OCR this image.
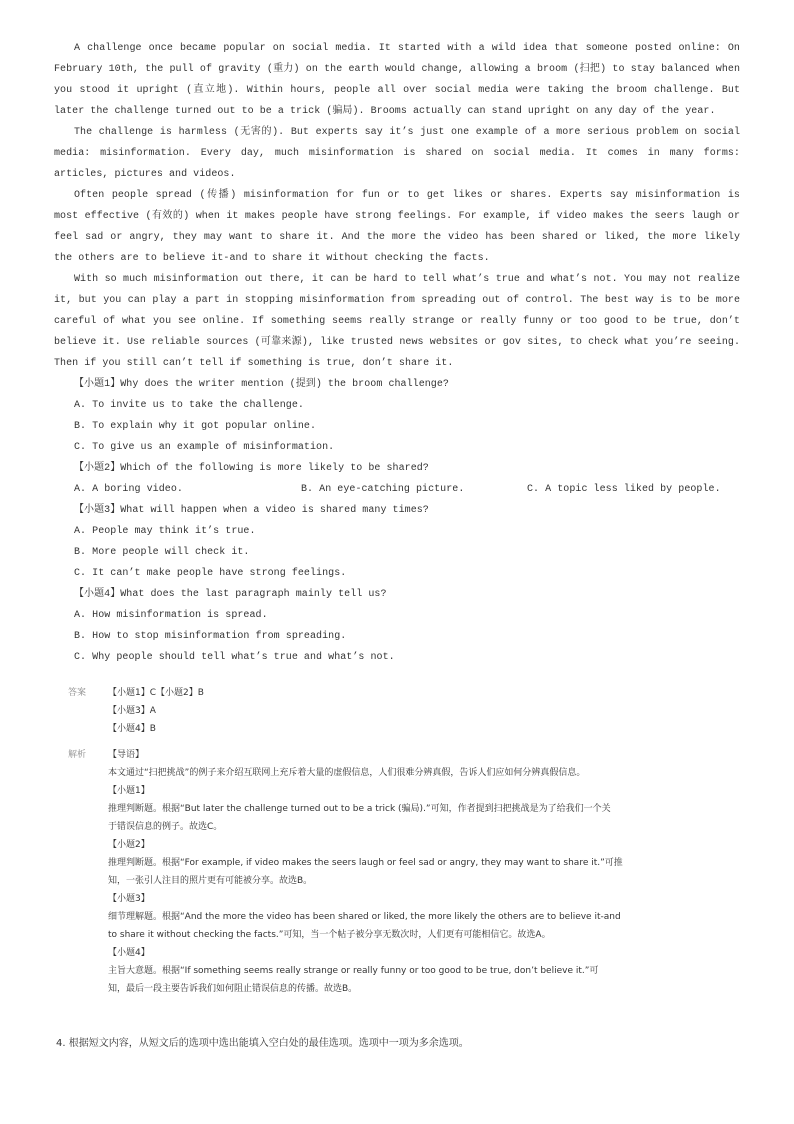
A challenge once became popular on social media. It started with a wild idea that someone posted online: On February 10th, the pull of gravity (重力) on the earth would change, allowing a broom (扫把) to stay balanced when you stood it upright (直立地). Within hours, people all over social media were taking the broom challenge. But later the challenge turned out to be a trick (骗局). Brooms actually can stand upright on any day of the year.

The challenge is harmless (无害的). But experts say it’s just one example of a more serious problem on social media: misinformation. Every day, much misinformation is shared on social media. It comes in many forms: articles, pictures and videos.

Often people spread (传播) misinformation for fun or to get likes or shares. Experts say misinformation is most effective (有效的) when it makes people have strong feelings. For example, if video makes the seers laugh or feel sad or angry, they may want to share it. And the more the video has been shared or liked, the more likely the others are to believe it-and to share it without checking the facts.

With so much misinformation out there, it can be hard to tell what’s true and what’s not. You may not realize it, but you can play a part in stopping misinformation from spreading out of control. The best way is to be more careful of what you see online. If something seems really strange or really funny or too good to be true, don’t believe it. Use reliable sources (可靠来源), like trusted news websites or gov sites, to check what you’re seeing. Then if you still can’t tell if something is true, don’t share it.

【小题1】Why does the writer mention (提到) the broom challenge?

A. To invite us to take the challenge.

B. To explain why it got popular online.

C. To give us an example of misinformation.

【小题2】Which of the following is more likely to be shared?

A. A boring video.	B. An eye-catching picture.	C. A topic less liked by people.

【小题3】What will happen when a video is shared many times?

A. People may think it’s true.

B. More people will check it.

C. It can’t make people have strong feelings.

【小题4】What does the last paragraph mainly tell us?

A. How misinformation is spread.

B. How to stop misinformation from spreading.

C. Why people should tell what’s true and what’s not.

答案	【小题1】C【小题2】B

【小题3】A

【小题4】B

解析	【导语】

本文通过“扫把挑战”的例子来介绍互联网上充斥着大量的虚假信息，人们很难分辨真假，告诉人们应如何分辨真假信息。

【小题1】

推理判断题。根据“But later the challenge turned out to be a trick (骗局).”可知，作者提到扫把挑战是为了给我们一个关

于错误信息的例子。故选C。

【小题2】

推理判断题。根据“For example, if video makes the seers laugh or feel sad or angry, they may want to share it.”可推

知，一张引人注目的照片更有可能被分享。故选B。

【小题3】

细节理解题。根据“And the more the video has been shared or liked, the more likely the others are to believe it-and

to share it without checking the facts.”可知，当一个帖子被分享无数次时，人们更有可能相信它。故选A。

【小题4】

主旨大意题。根据“If something seems really strange or really funny or too good to be true, don’t believe it.”可

知，最后一段主要告诉我们如何阻止错误信息的传播。故选B。

4. 根据短文内容，从短文后的选项中选出能填入空白处的最佳选项。选项中一项为多余选项。
